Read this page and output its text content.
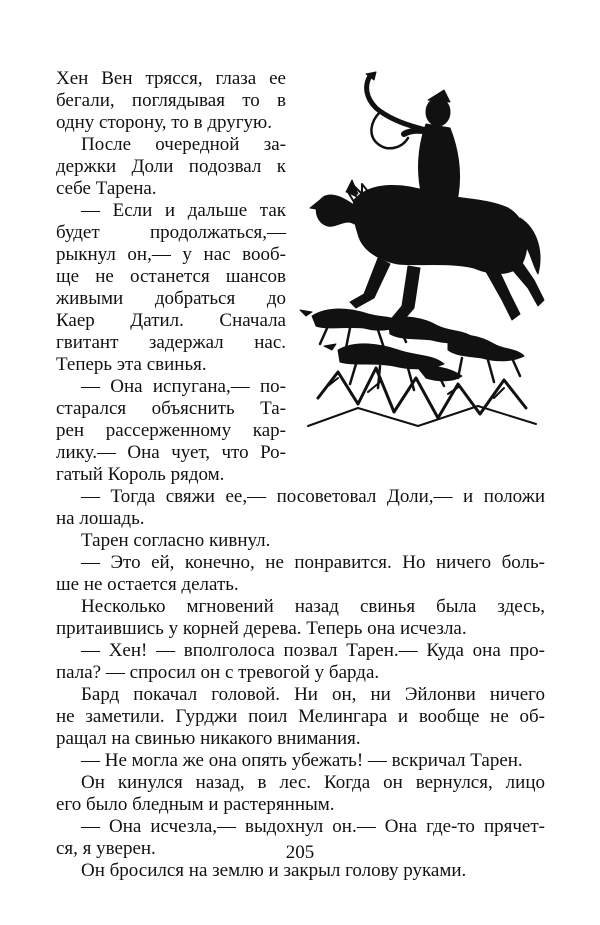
Хен Вен трясся, глаза ее

бегали, поглядывая то в

одну сторону, то в другую.

После очередной за-

держки Доли подозвал к

себе Тарена.

— Если и дальше так

будет продолжаться,—

рыкнул он,— у нас вооб-

ще не останется шансов

живыми добраться до

Каер Датил. Сначала

гвитант задержал нас.

Теперь эта свинья.

— Она испугана,— по-

старался объяснить Та-

рен рассерженному кар-

лику.— Она чует, что Ро-

гатый Король рядом.

— Тогда свяжи ее,— посоветовал Доли,— и положи

на лошадь.

Тарен согласно кивнул.

— Это ей, конечно, не понравится. Но ничего боль-

ше не остается делать.

Несколько мгновений назад свинья была здесь,

притаившись у корней дерева. Теперь она исчезла.

— Хен! — вполголоса позвал Тарен.— Куда она про-

пала? — спросил он с тревогой у барда.

Бард покачал головой. Ни он, ни Эйлонви ничего

не заметили. Гурджи поил Мелингара и вообще не об-

ращал на свинью никакого внимания.

— Не могла же она опять убежать! — вскричал Тарен.

Он кинулся назад, в лес. Когда он вернулся, лицо

его было бледным и растерянным.

— Она исчезла,— выдохнул он.— Она где-то прячет-

ся, я уверен.

Он бросился на землю и закрыл голову руками.

205
